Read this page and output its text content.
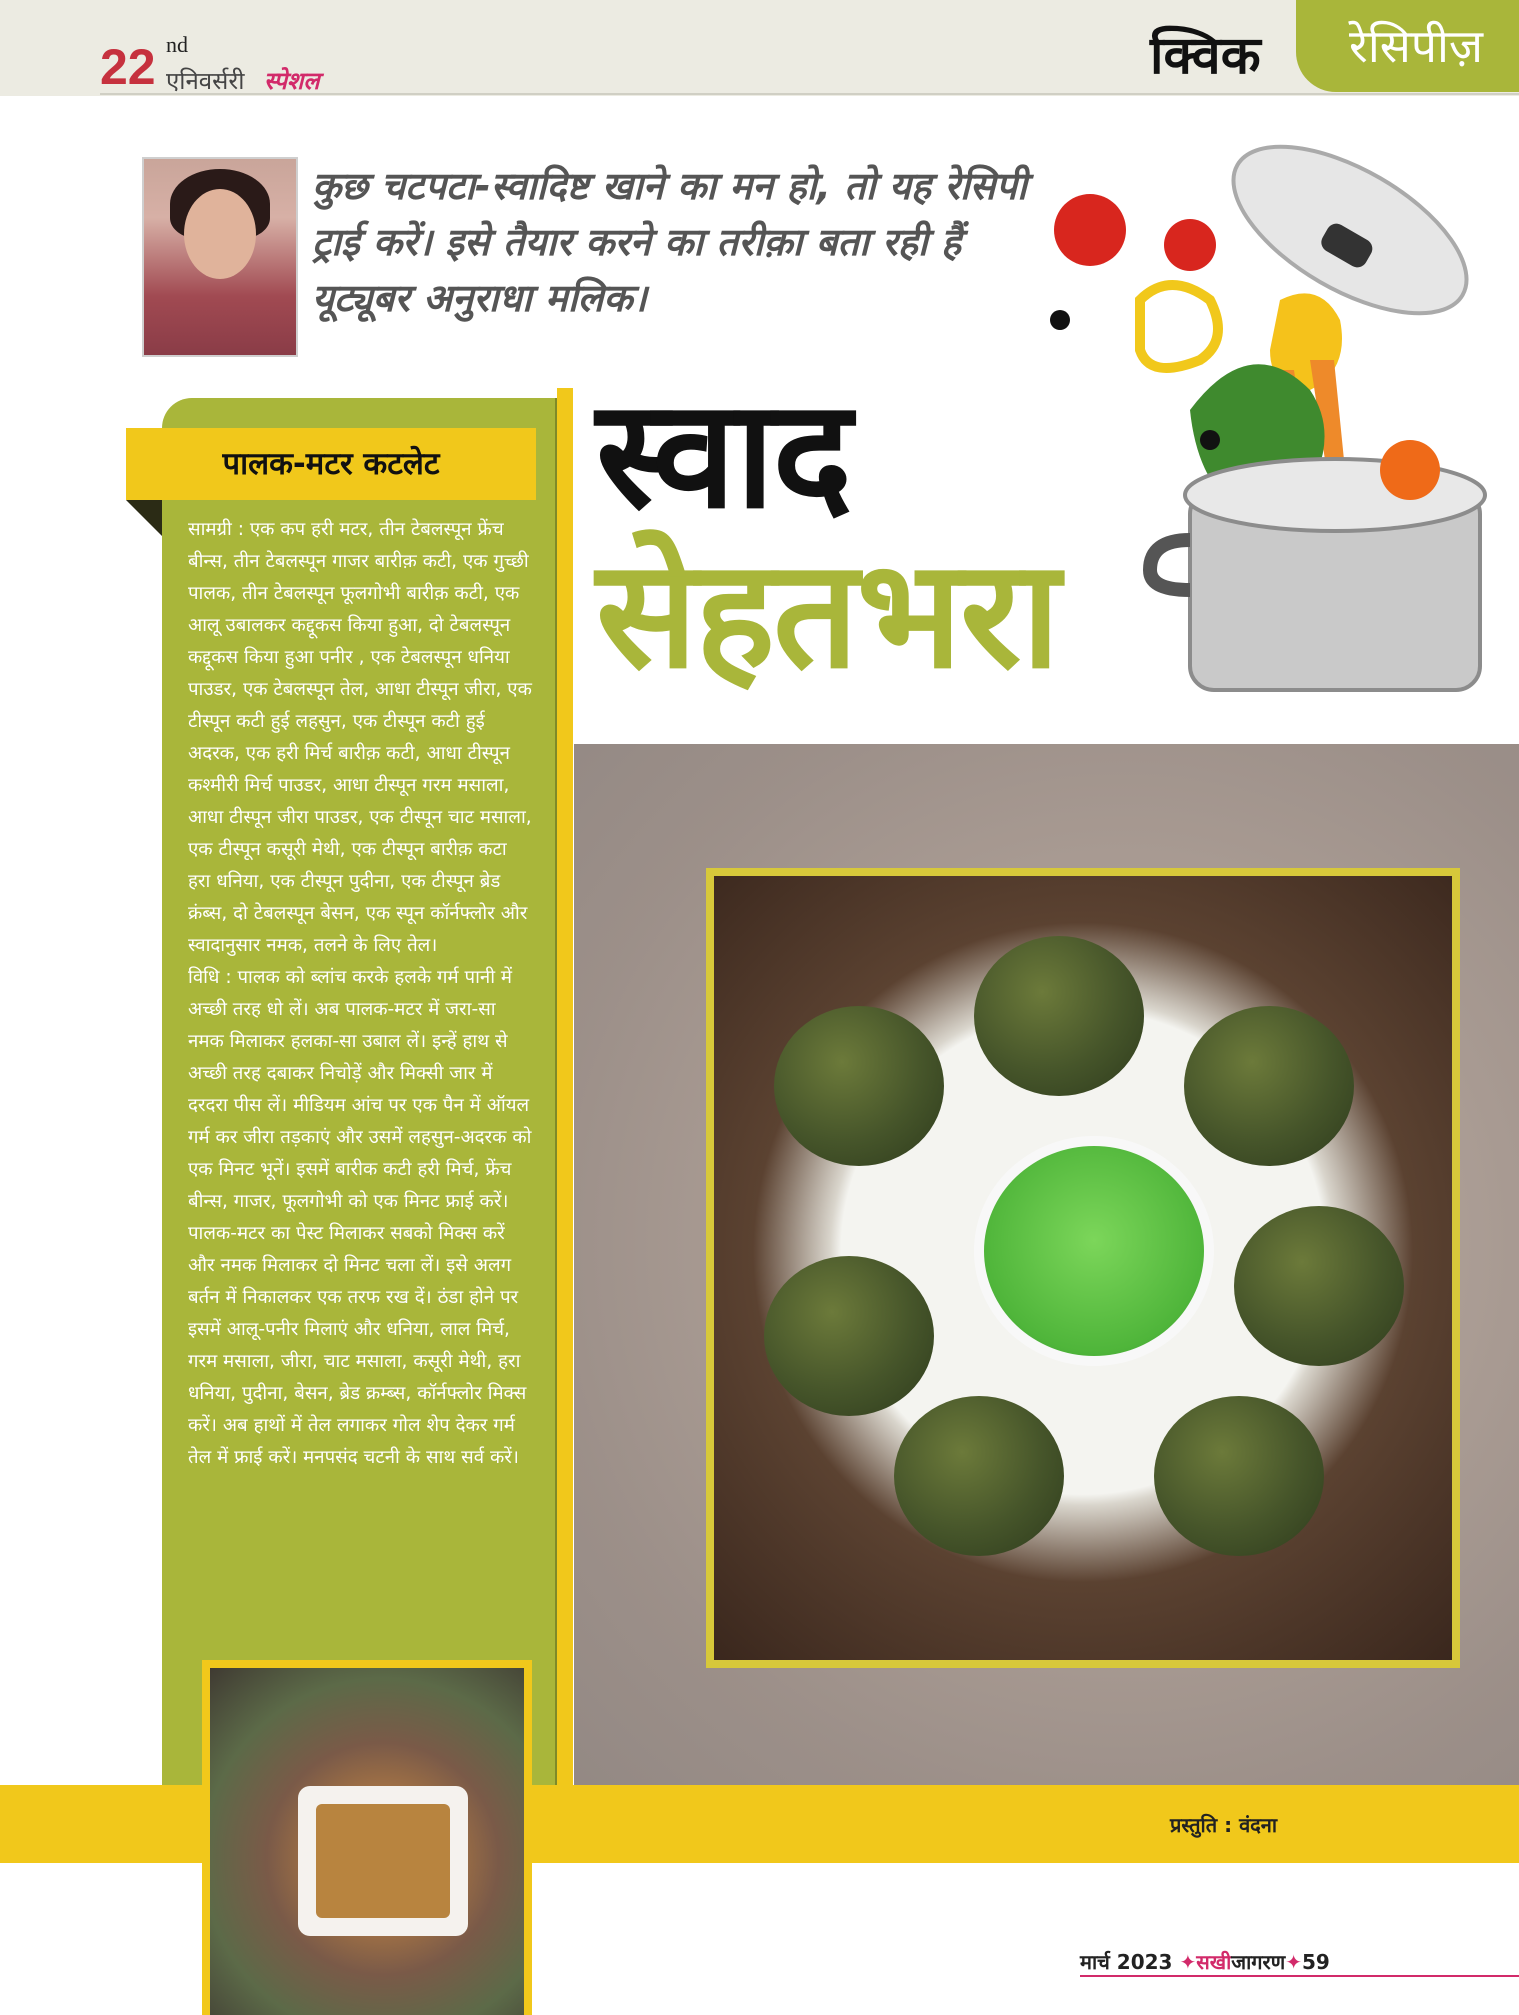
22 nd
एनिवर्सरी स्पेशल	क्विक	रेसिपीज़
कुछ चटपटा-स्वादिष्ट खाने का मन हो, तो यह रेसिपी ट्राई करें। इसे तैयार करने का तरीक़ा बता रही हैं यूट्यूबर अनुराधा मलिक।
स्वाद
सेहतभरा
पालक-मटर कटलेट

सामग्री : एक कप हरी मटर, तीन टेबलस्पून फ्रेंच बीन्स, तीन टेबलस्पून गाजर बारीक़ कटी, एक गुच्छी पालक, तीन टेबलस्पून फूलगोभी बारीक़ कटी, एक आलू उबालकर कद्दूकस किया हुआ, दो टेबलस्पून कद्दूकस किया हुआ पनीर , एक टेबलस्पून धनिया पाउडर, एक टेबलस्पून तेल, आधा टीस्पून जीरा, एक टीस्पून कटी हुई लहसुन, एक टीस्पून कटी हुई अदरक, एक हरी मिर्च बारीक़ कटी, आधा टीस्पून कश्मीरी मिर्च पाउडर, आधा टीस्पून गरम मसाला, आधा टीस्पून जीरा पाउडर, एक टीस्पून चाट मसाला, एक टीस्पून कसूरी मेथी, एक टीस्पून बारीक़ कटा हरा धनिया, एक टीस्पून पुदीना, एक टीस्पून ब्रेड क्रंब्स, दो टेबलस्पून बेसन, एक स्पून कॉर्नफ्लोर और स्वादानुसार नमक, तलने के लिए तेल।

विधि : पालक को ब्लांच करके हलके गर्म पानी में अच्छी तरह धो लें। अब पालक-मटर में जरा-सा नमक मिलाकर हलका-सा उबाल लें। इन्हें हाथ से अच्छी तरह दबाकर निचोड़ें और मिक्सी जार में दरदरा पीस लें। मीडियम आंच पर एक पैन में ऑयल गर्म कर जीरा तड़काएं और उसमें लहसुन-अदरक को एक मिनट भूनें। इसमें बारीक कटी हरी मिर्च, फ्रेंच बीन्स, गाजर, फूलगोभी को एक मिनट फ्राई करें। पालक-मटर का पेस्ट मिलाकर सबको मिक्स करें और नमक मिलाकर दो मिनट चला लें। इसे अलग बर्तन में निकालकर एक तरफ रख दें। ठंडा होने पर इसमें आलू-पनीर मिलाएं और धनिया, लाल मिर्च, गरम मसाला, जीरा, चाट मसाला, कसूरी मेथी, हरा धनिया, पुदीना, बेसन, ब्रेड क्रम्ब्स, कॉर्नफ्लोर मिक्स करें। अब हाथों में तेल लगाकर गोल शेप देकर गर्म तेल में फ्राई करें। मनपसंद चटनी के साथ सर्व करें।

प्रस्तुति : वंदना
मार्च 2023 ✦सखीजागरण✦59
